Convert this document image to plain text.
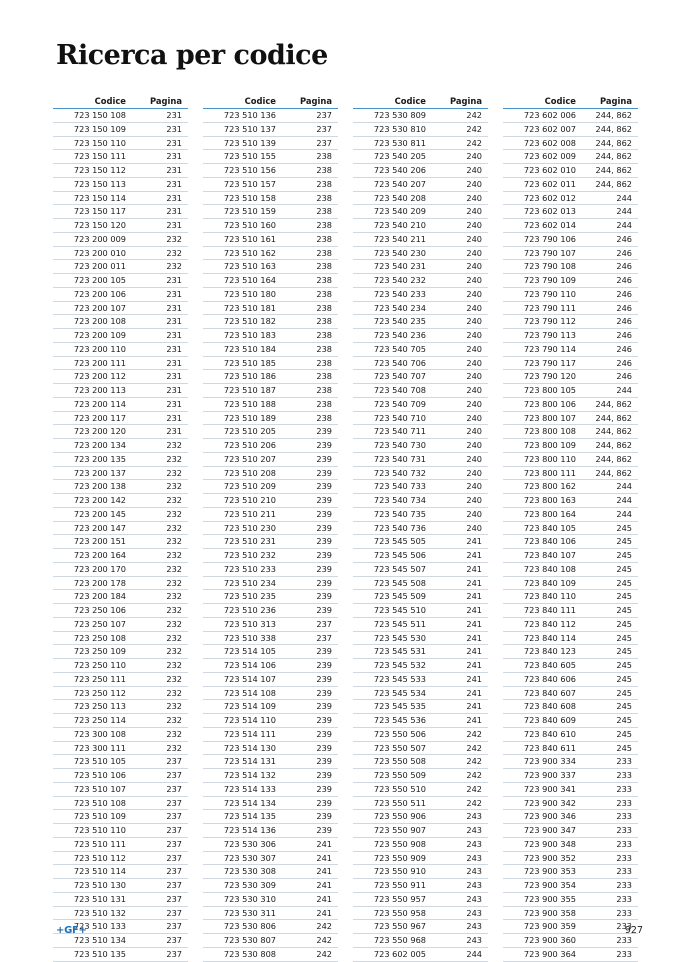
Ricerca per codice
Codice	Pagina
723 150 108	231
723 150 109	231
723 150 110	231
723 150 111	231
723 150 112	231
723 150 113	231
723 150 114	231
723 150 117	231
723 150 120	231
723 200 009	232
723 200 010	232
723 200 011	232
723 200 105	231
723 200 106	231
723 200 107	231
723 200 108	231
723 200 109	231
723 200 110	231
723 200 111	231
723 200 112	231
723 200 113	231
723 200 114	231
723 200 117	231
723 200 120	231
723 200 134	232
723 200 135	232
723 200 137	232
723 200 138	232
723 200 142	232
723 200 145	232
723 200 147	232
723 200 151	232
723 200 164	232
723 200 170	232
723 200 178	232
723 200 184	232
723 250 106	232
723 250 107	232
723 250 108	232
723 250 109	232
723 250 110	232
723 250 111	232
723 250 112	232
723 250 113	232
723 250 114	232
723 300 108	232
723 300 111	232
723 510 105	237
723 510 106	237
723 510 107	237
723 510 108	237
723 510 109	237
723 510 110	237
723 510 111	237
723 510 112	237
723 510 114	237
723 510 130	237
723 510 131	237
723 510 132	237
723 510 133	237
723 510 134	237
723 510 135	237
Codice	Pagina
723 510 136	237
723 510 137	237
723 510 139	237
723 510 155	238
723 510 156	238
723 510 157	238
723 510 158	238
723 510 159	238
723 510 160	238
723 510 161	238
723 510 162	238
723 510 163	238
723 510 164	238
723 510 180	238
723 510 181	238
723 510 182	238
723 510 183	238
723 510 184	238
723 510 185	238
723 510 186	238
723 510 187	238
723 510 188	238
723 510 189	238
723 510 205	239
723 510 206	239
723 510 207	239
723 510 208	239
723 510 209	239
723 510 210	239
723 510 211	239
723 510 230	239
723 510 231	239
723 510 232	239
723 510 233	239
723 510 234	239
723 510 235	239
723 510 236	239
723 510 313	237
723 510 338	237
723 514 105	239
723 514 106	239
723 514 107	239
723 514 108	239
723 514 109	239
723 514 110	239
723 514 111	239
723 514 130	239
723 514 131	239
723 514 132	239
723 514 133	239
723 514 134	239
723 514 135	239
723 514 136	239
723 530 306	241
723 530 307	241
723 530 308	241
723 530 309	241
723 530 310	241
723 530 311	241
723 530 806	242
723 530 807	242
723 530 808	242
Codice	Pagina
723 530 809	242
723 530 810	242
723 530 811	242
723 540 205	240
723 540 206	240
723 540 207	240
723 540 208	240
723 540 209	240
723 540 210	240
723 540 211	240
723 540 230	240
723 540 231	240
723 540 232	240
723 540 233	240
723 540 234	240
723 540 235	240
723 540 236	240
723 540 705	240
723 540 706	240
723 540 707	240
723 540 708	240
723 540 709	240
723 540 710	240
723 540 711	240
723 540 730	240
723 540 731	240
723 540 732	240
723 540 733	240
723 540 734	240
723 540 735	240
723 540 736	240
723 545 505	241
723 545 506	241
723 545 507	241
723 545 508	241
723 545 509	241
723 545 510	241
723 545 511	241
723 545 530	241
723 545 531	241
723 545 532	241
723 545 533	241
723 545 534	241
723 545 535	241
723 545 536	241
723 550 506	242
723 550 507	242
723 550 508	242
723 550 509	242
723 550 510	242
723 550 511	242
723 550 906	243
723 550 907	243
723 550 908	243
723 550 909	243
723 550 910	243
723 550 911	243
723 550 957	243
723 550 958	243
723 550 967	243
723 550 968	243
723 602 005	244
Codice	Pagina
723 602 006	244, 862
723 602 007	244, 862
723 602 008	244, 862
723 602 009	244, 862
723 602 010	244, 862
723 602 011	244, 862
723 602 012	244
723 602 013	244
723 602 014	244
723 790 106	246
723 790 107	246
723 790 108	246
723 790 109	246
723 790 110	246
723 790 111	246
723 790 112	246
723 790 113	246
723 790 114	246
723 790 117	246
723 790 120	246
723 800 105	244
723 800 106	244, 862
723 800 107	244, 862
723 800 108	244, 862
723 800 109	244, 862
723 800 110	244, 862
723 800 111	244, 862
723 800 162	244
723 800 163	244
723 800 164	244
723 840 105	245
723 840 106	245
723 840 107	245
723 840 108	245
723 840 109	245
723 840 110	245
723 840 111	245
723 840 112	245
723 840 114	245
723 840 123	245
723 840 605	245
723 840 606	245
723 840 607	245
723 840 608	245
723 840 609	245
723 840 610	245
723 840 611	245
723 900 334	233
723 900 337	233
723 900 341	233
723 900 342	233
723 900 346	233
723 900 347	233
723 900 348	233
723 900 352	233
723 900 353	233
723 900 354	233
723 900 355	233
723 900 358	233
723 900 359	233
723 900 360	233
723 900 364	233
+GF+	927
